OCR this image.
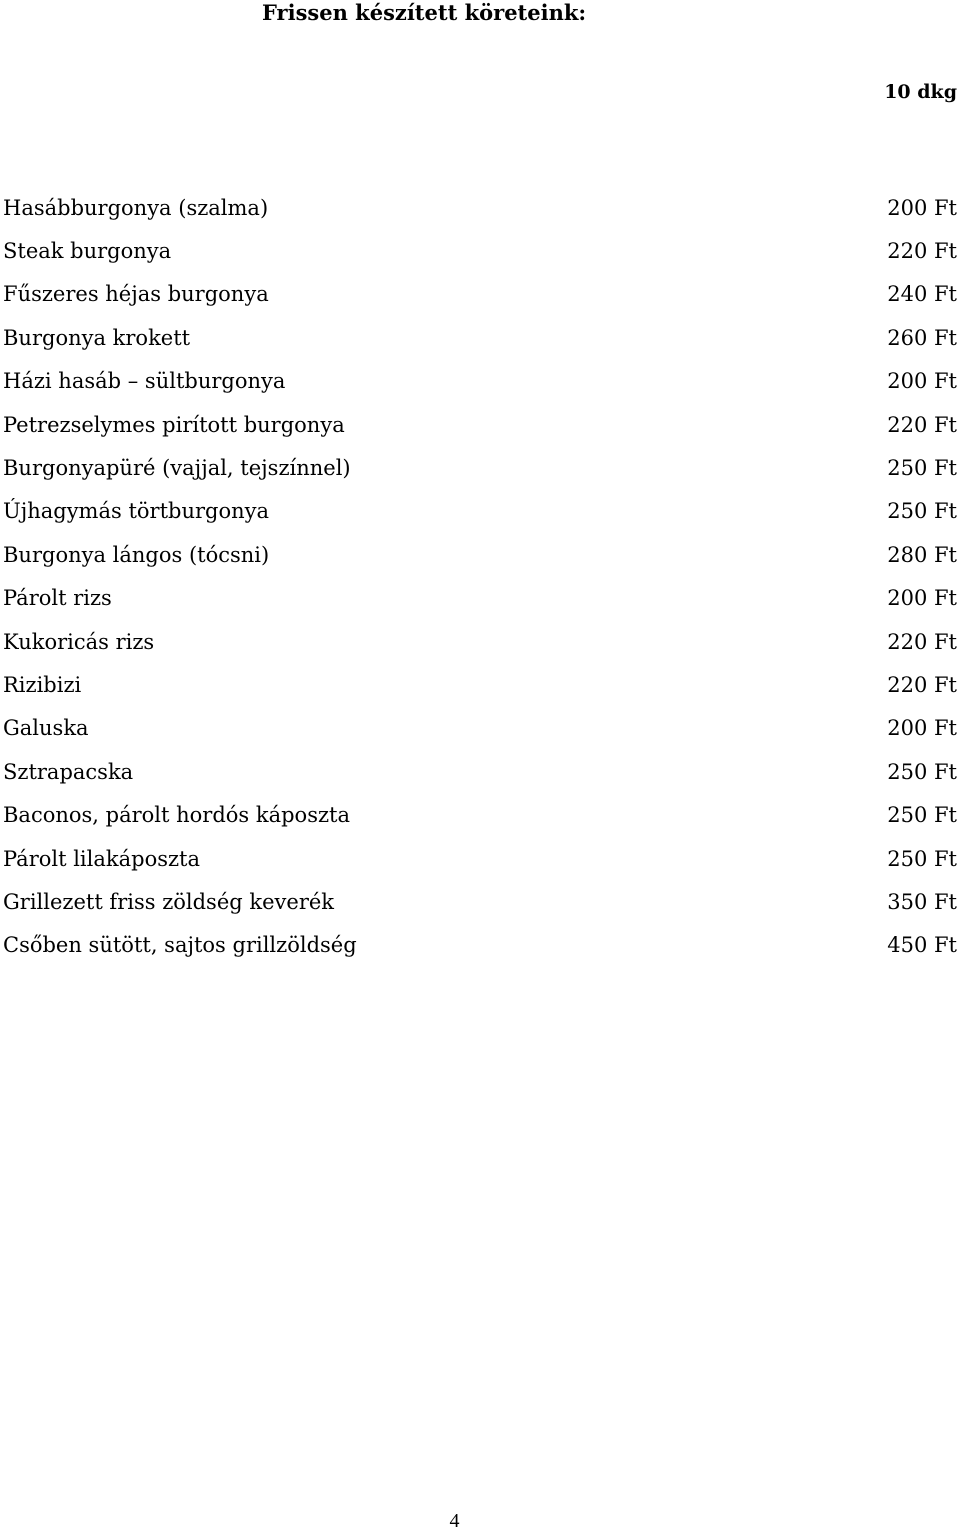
Frissen készített köreteink:
10 dkg
Hasábburgonya (szalma)	200 Ft
Steak burgonya	220 Ft
Fűszeres héjas burgonya	240 Ft
Burgonya krokett	260 Ft
Házi hasáb – sültburgonya	200 Ft
Petrezselymes pirított burgonya	220 Ft
Burgonyapüré (vajjal, tejszínnel)	250 Ft
Újhagymás törtburgonya	250 Ft
Burgonya lángos (tócsni)	280 Ft
Párolt rizs	200 Ft
Kukoricás rizs	220 Ft
Rizibizi	220 Ft
Galuska	200 Ft
Sztrapacska	250 Ft
Baconos, párolt hordós káposzta	250 Ft
Párolt lilakáposzta	250 Ft
Grillezett friss zöldség keverék	350 Ft
Csőben sütött, sajtos grillzöldség	450 Ft
4
